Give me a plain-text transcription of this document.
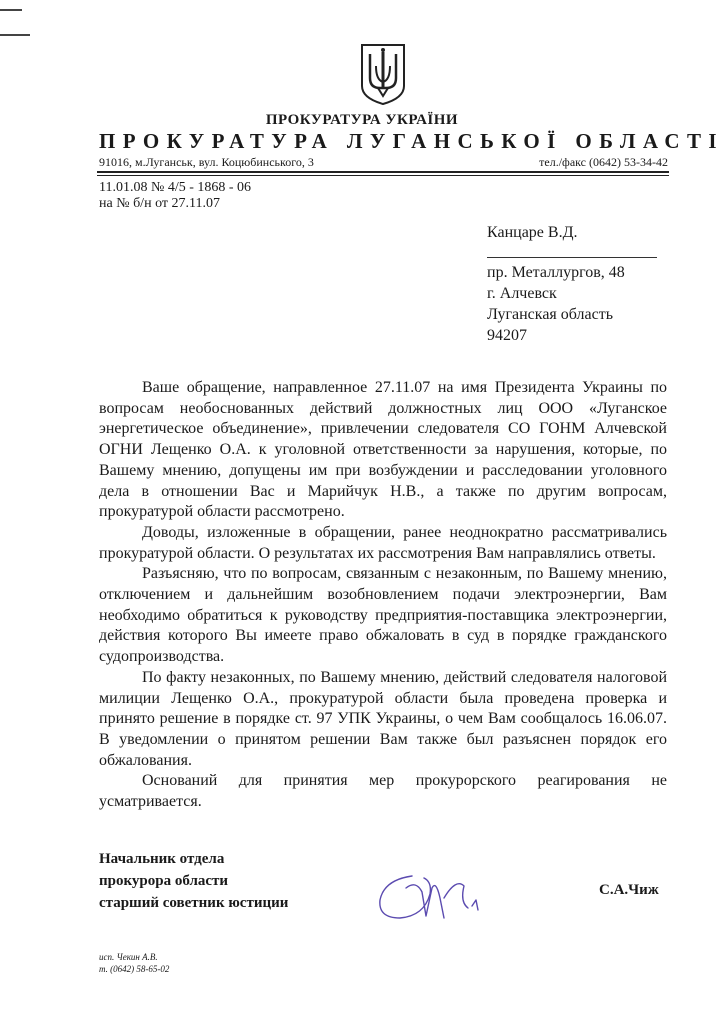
ПРОКУРАТУРА УКРАЇНИ
ПРОКУРАТУРА ЛУГАНСЬКОЇ ОБЛАСТІ
91016, м.Луганськ, вул. Коцюбинського, 3	тел./факс (0642) 53-34-42
11.01.08 № 4/5 - 1868 - 06
на № б/н от 27.11.07
Канцаре В.Д.
пр. Металлургов, 48
г. Алчевск
Луганская область
94207

Ваше обращение, направленное 27.11.07 на имя Президента Украины по вопросам необоснованных действий должностных лиц ООО «Луганское энергетическое объединение», привлечении следователя СО ГОНМ Алчевской ОГНИ Лещенко О.А. к уголовной ответственности за нарушения, которые, по Вашему мнению, допущены им при возбуждении и расследовании уголовного дела в отношении Вас и Марийчук Н.В., а также по другим вопросам, прокуратурой области рассмотрено.

Доводы, изложенные в обращении, ранее неоднократно рассматривались прокуратурой области. О результатах их рассмотрения Вам направлялись ответы.

Разъясняю, что по вопросам, связанным с незаконным, по Вашему мнению, отключением и дальнейшим возобновлением подачи электроэнергии, Вам необходимо обратиться к руководству предприятия-поставщика электроэнергии, действия которого Вы имеете право обжаловать в суд в порядке гражданского судопроизводства.

По факту незаконных, по Вашему мнению, действий следователя налоговой милиции Лещенко О.А., прокуратурой области была проведена проверка и принято решение в порядке ст. 97 УПК Украины, о чем Вам сообщалось 16.06.07. В уведомлении о принятом решении Вам также был разъяснен порядок его обжалования.

Оснований для принятия мер прокурорского реагирования не усматривается.

Начальник отдела
прокурора области
старший советник юстиции
С.А.Чиж
исп. Чекин А.В.
т. (0642) 58-65-02
